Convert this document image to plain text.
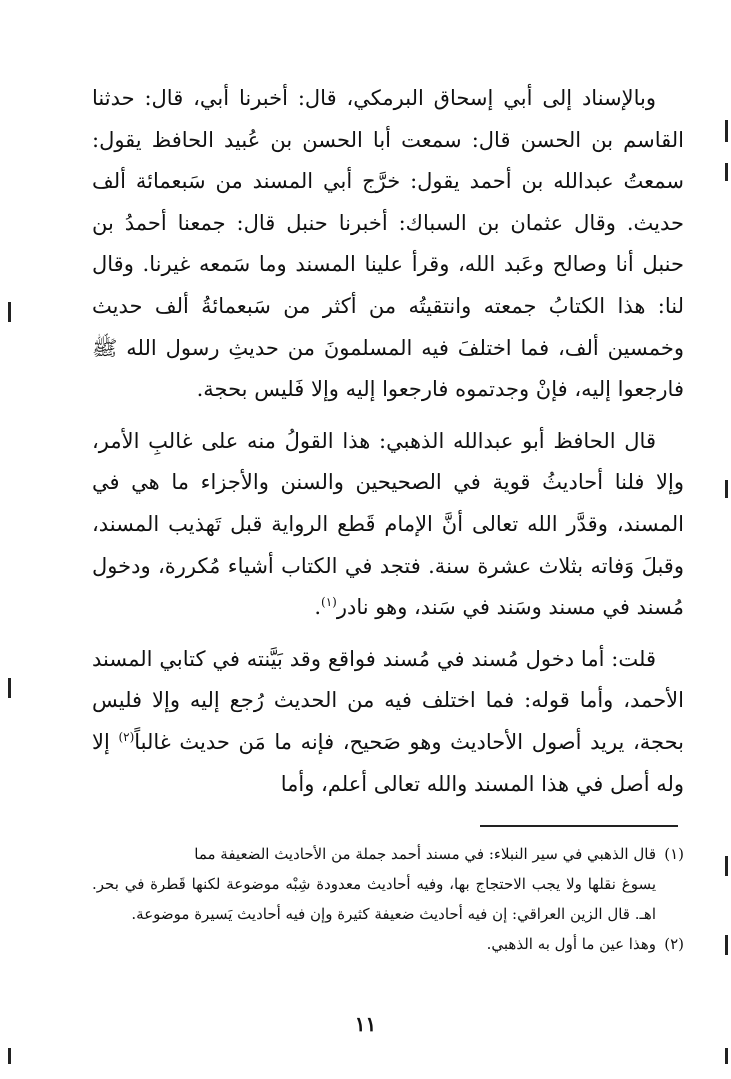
وبالإسناد إلى أبي إسحاق البرمكي، قال: أخبرنا أبي، قال: حدثنا القاسم بن الحسن قال: سمعت أبا الحسن بن عُبيد الحافظ يقول: سمعتُ عبدالله بن أحمد يقول: خرَّج أبي المسند من سَبعمائة ألف حديث. وقال عثمان بن السباك: أخبرنا حنبل قال: جمعنا أحمدُ بن حنبل أنا وصالح وعَبد الله، وقرأ علينا المسند وما سَمعه غيرنا. وقال لنا: هذا الكتابُ جمعته وانتقيتُه من أكثر من سَبعمائةُ ألف حديث وخمسين ألف، فما اختلفَ فيه المسلمونَ من حديثِ رسول الله ﷺ فارجعوا إليه، فإنْ وجدتموه فارجعوا إليه وإلا فَليس بحجة.

قال الحافظ أبو عبدالله الذهبي: هذا القولُ منه على غالبِ الأمر، وإلا فلنا أحاديثُ قوية في الصحيحين والسنن والأجزاء ما هي في المسند، وقدَّر الله تعالى أنَّ الإمام قَطع الرواية قبل تَهذيب المسند، وقبلَ وَفاته بثلاث عشرة سنة. فتجد في الكتاب أشياء مُكررة، ودخول مُسند في مسند وسَند في سَند، وهو نادر$^{(١)}$.

قلت: أما دخول مُسند في مُسند فواقع وقد بَيَّنته في كتابي المسند الأحمد، وأما قوله: فما اختلف فيه من الحديث رُجع إليه وإلا فليس بحجة، يريد أصول الأحاديث وهو صَحيح، فإنه ما مَن حديث غالباً$^{(٢)}$ إلا وله أصل في هذا المسند والله تعالى أعلم، وأما

(١)قال الذهبي في سير النبلاء: في مسند أحمد جملة من الأحاديث الضعيفة مما
يسوغ نقلها ولا يجب الاحتجاج بها، وفيه أحاديث معدودة شِبْه موضوعة لكنها قَطرة في بحر. اهـ. قال الزين العراقي: إن فيه أحاديث ضعيفة كثيرة وإن فيه أحاديث يَسيرة موضوعة.
(٢)وهذا عين ما أول به الذهبي.
١١
